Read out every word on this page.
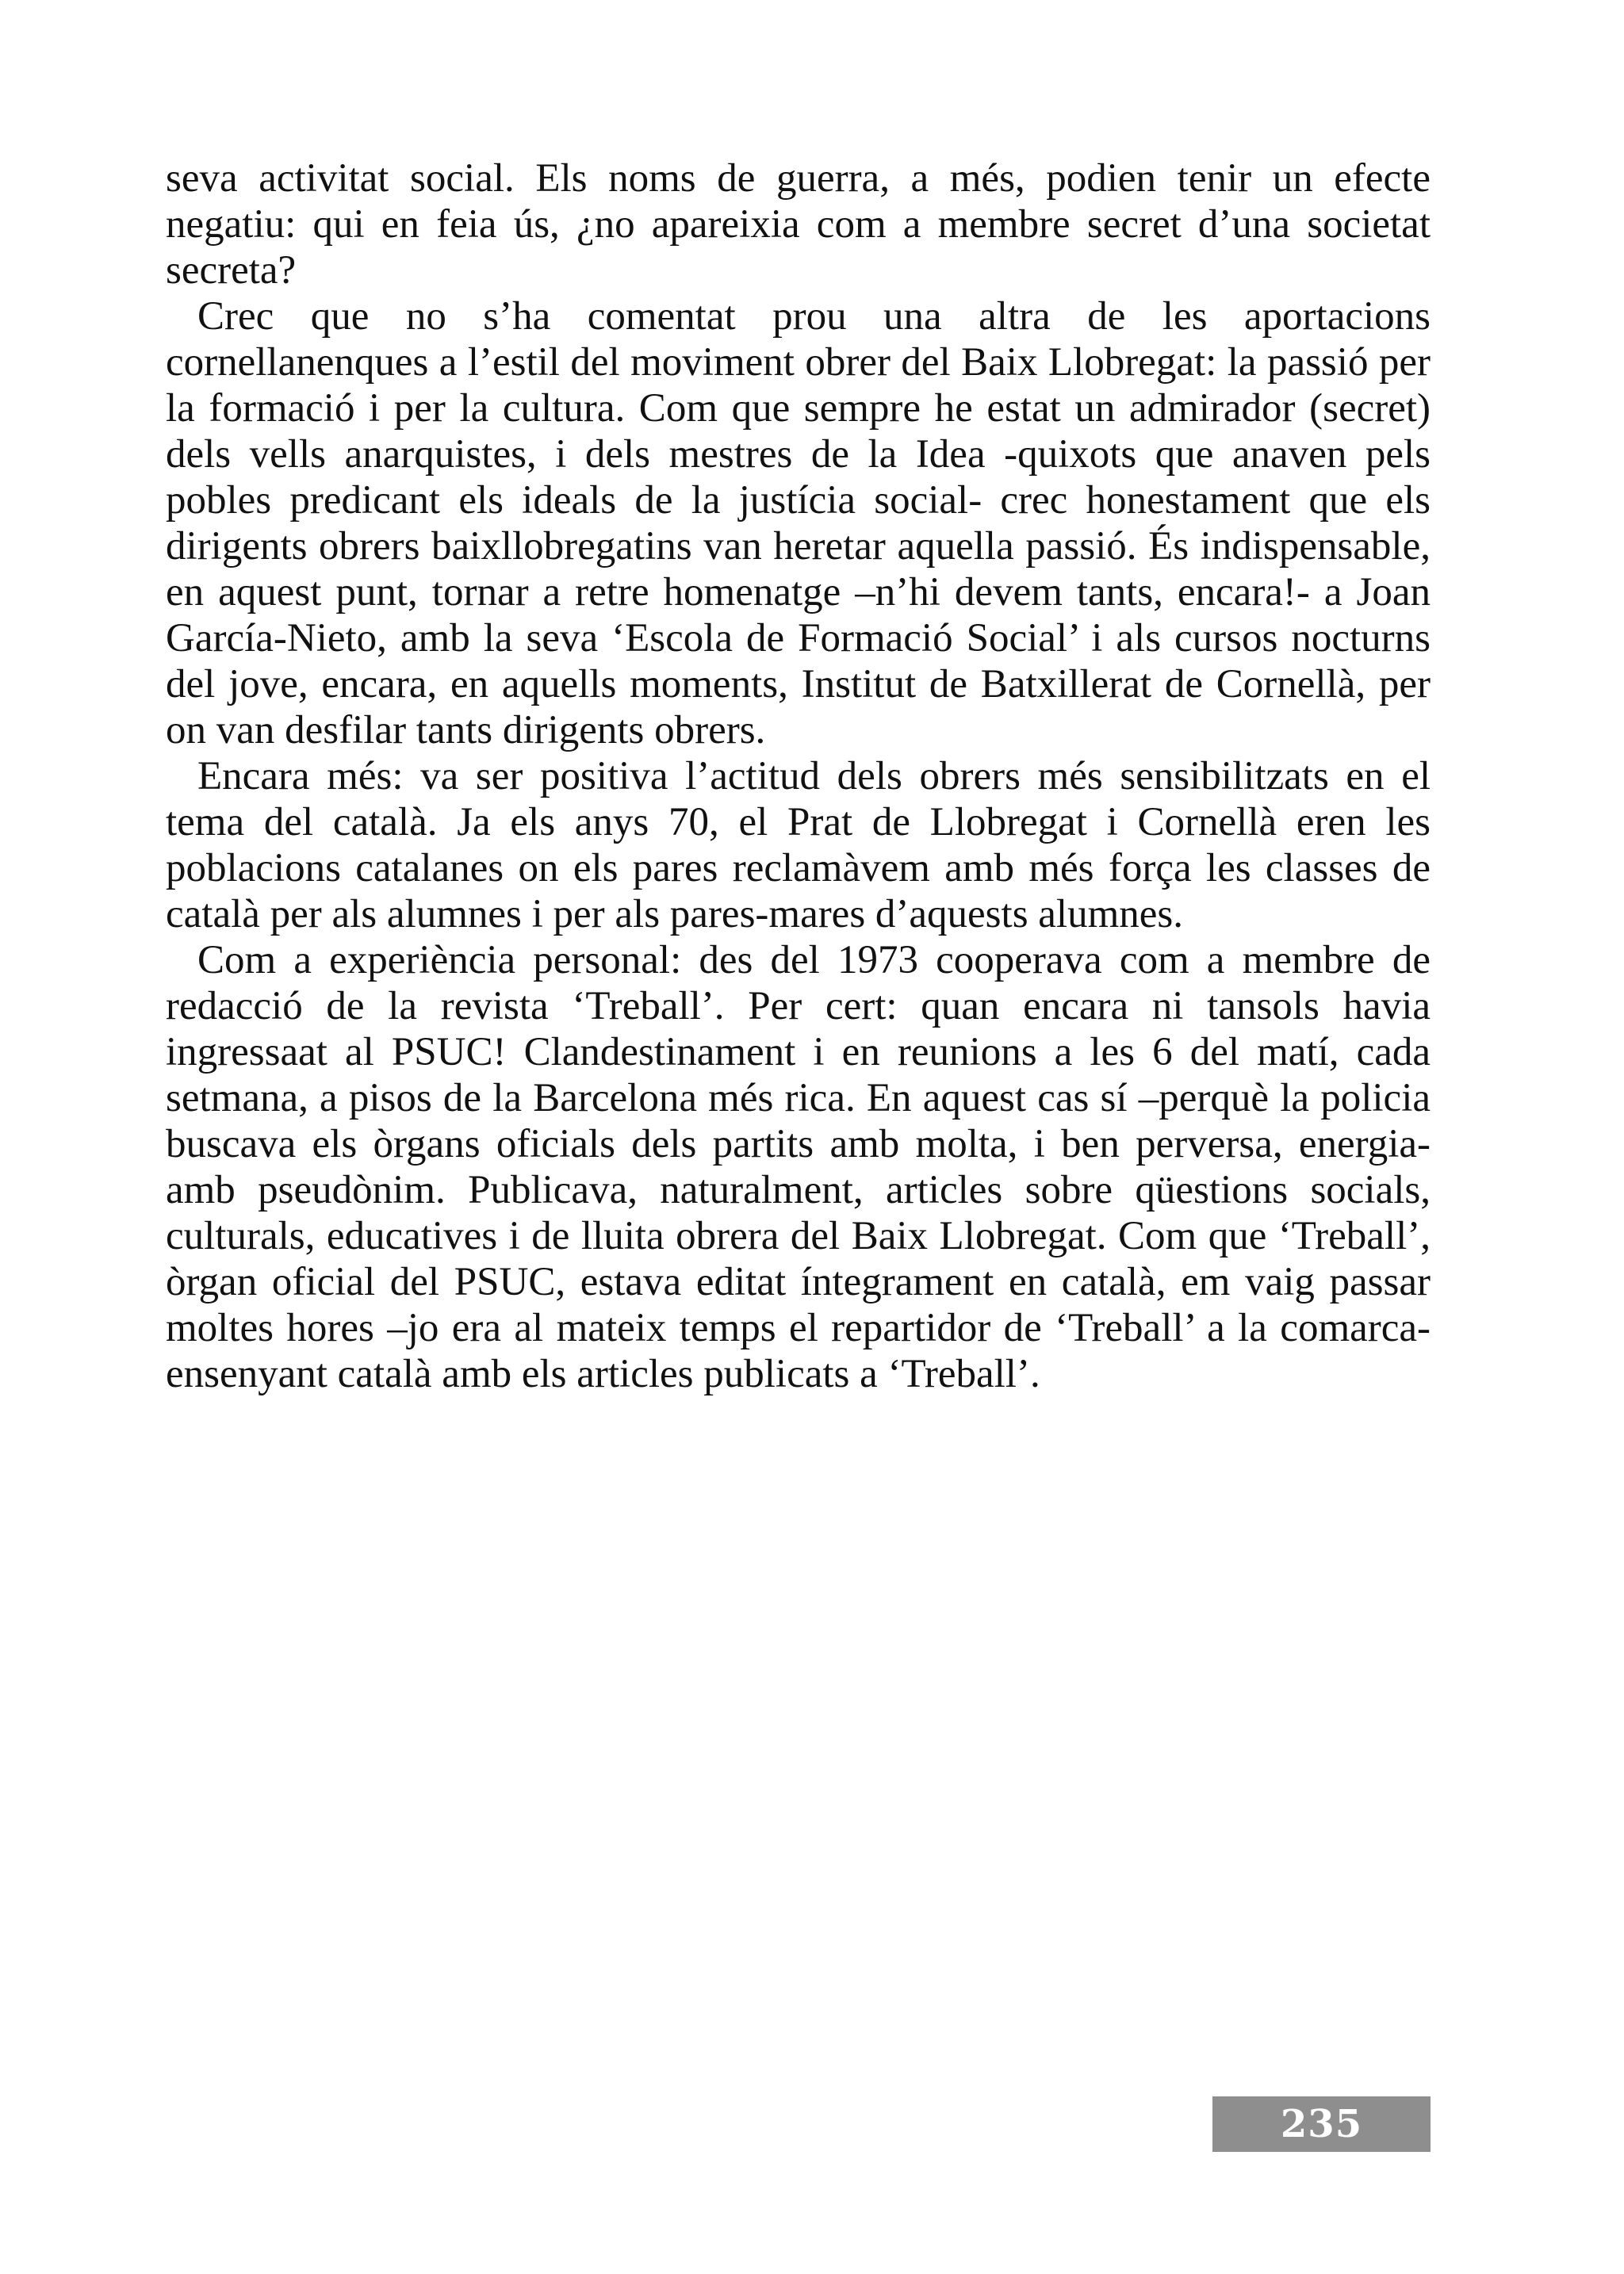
seva activitat social. Els noms de guerra, a més, podien tenir un efecte negatiu: qui en feia ús, ¿no apareixia com a membre secret d’una societat secreta?

Crec que no s’ha comentat prou una altra de les aportacions cornellanenques a l’estil del moviment obrer del Baix Llobregat: la passió per la formació i per la cultura. Com que sempre he estat un admirador (secret) dels vells anarquistes, i dels mestres de la Idea -quixots que anaven pels pobles predicant els ideals de la justícia social- crec honestament que els dirigents obrers baixllobregatins van heretar aquella passió. És indispensable, en aquest punt, tornar a retre homenatge –n’hi devem tants, encara!- a Joan García-Nieto, amb la seva ‘Escola de Formació Social’ i als cursos nocturns del jove, encara, en aquells moments, Institut de Batxillerat de Cornellà, per on van desfilar tants dirigents obrers.

Encara més: va ser positiva l’actitud dels obrers més sensibilitzats en el tema del català. Ja els anys 70, el Prat de Llobregat i Cornellà eren les poblacions catalanes on els pares reclamàvem amb més força les classes de català per als alumnes i per als pares-mares d’aquests alumnes.

Com a experiència personal: des del 1973 cooperava com a membre de redacció de la revista ‘Treball’. Per cert: quan encara ni tansols havia ingressaat al PSUC! Clandestinament i en reunions a les 6 del matí, cada setmana, a pisos de la Barcelona més rica. En aquest cas sí –perquè la policia buscava els òrgans oficials dels partits amb molta, i ben perversa, energia- amb pseudònim. Publicava, naturalment, articles sobre qüestions socials, culturals, educatives i de lluita obrera del Baix Llobregat. Com que ‘Treball’, òrgan oficial del PSUC, estava editat íntegrament en català, em vaig passar moltes hores –jo era al mateix temps el repartidor de ‘Treball’ a la comarca- ensenyant català amb els articles publicats a ‘Treball’.

235
